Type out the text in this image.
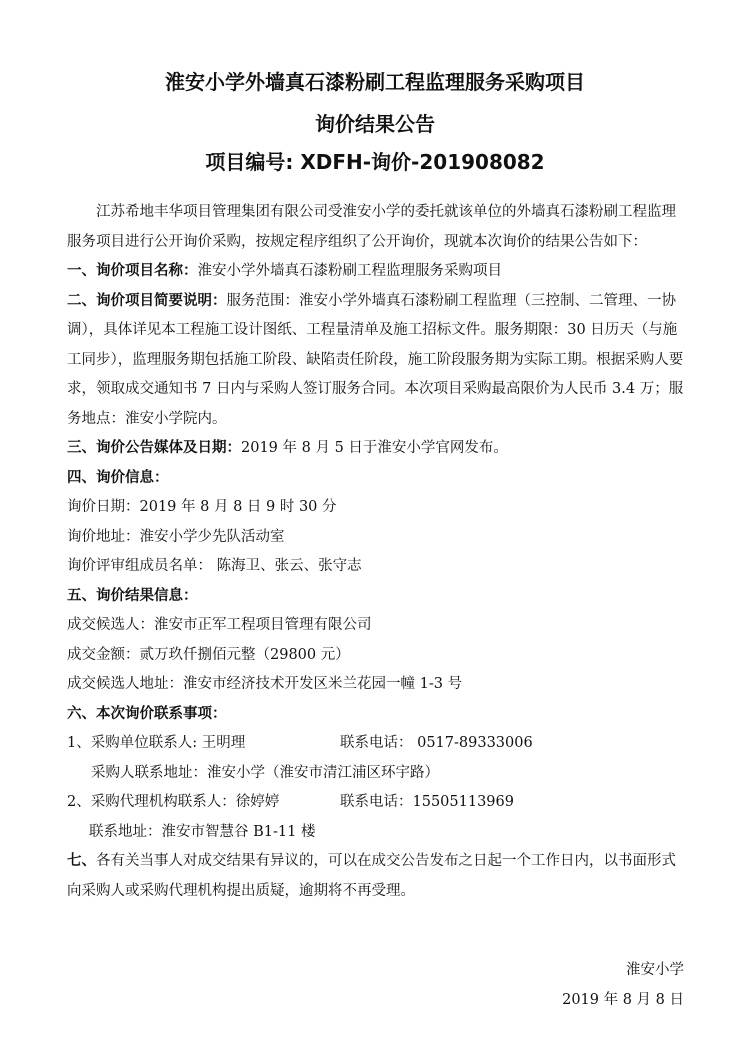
淮安小学外墙真石漆粉刷工程监理服务采购项目
询价结果公告
项目编号: XDFH-询价-201908082

江苏希地丰华项目管理集团有限公司受淮安小学的委托就该单位的外墙真石漆粉刷工程监理服务项目进行公开询价采购，按规定程序组织了公开询价，现就本次询价的结果公告如下：

一、询价项目名称：淮安小学外墙真石漆粉刷工程监理服务采购项目

二、询价项目简要说明：服务范围：淮安小学外墙真石漆粉刷工程监理（三控制、二管理、一协调），具体详见本工程施工设计图纸、工程量清单及施工招标文件。服务期限：30 日历天（与施工同步），监理服务期包括施工阶段、缺陷责任阶段，施工阶段服务期为实际工期。根据采购人要求，领取成交通知书 7 日内与采购人签订服务合同。本次项目采购最高限价为人民币 3.4 万；服务地点：淮安小学院内。

三、询价公告媒体及日期：2019 年 8 月 5 日于淮安小学官网发布。

四、询价信息：

询价日期：2019 年 8 月 8 日 9 时 30 分

询价地址：淮安小学少先队活动室

询价评审组成员名单： 陈海卫、张云、张守志

五、询价结果信息：

成交候选人：淮安市正军工程项目管理有限公司

成交金额：贰万玖仟捌佰元整（29800 元）

成交候选人地址：淮安市经济技术开发区米兰花园一幢 1-3 号

六、本次询价联系事项：

1、采购单位联系人: 王明理	联系电话： 0517-89333006

采购人联系地址：淮安小学（淮安市清江浦区环宇路）

2、采购代理机构联系人：徐婷婷	联系电话：15505113969

联系地址：淮安市智慧谷 B1-11 楼

七、各有关当事人对成交结果有异议的，可以在成交公告发布之日起一个工作日内，以书面形式向采购人或采购代理机构提出质疑，逾期将不再受理。

淮安小学
2019 年 8 月 8 日
